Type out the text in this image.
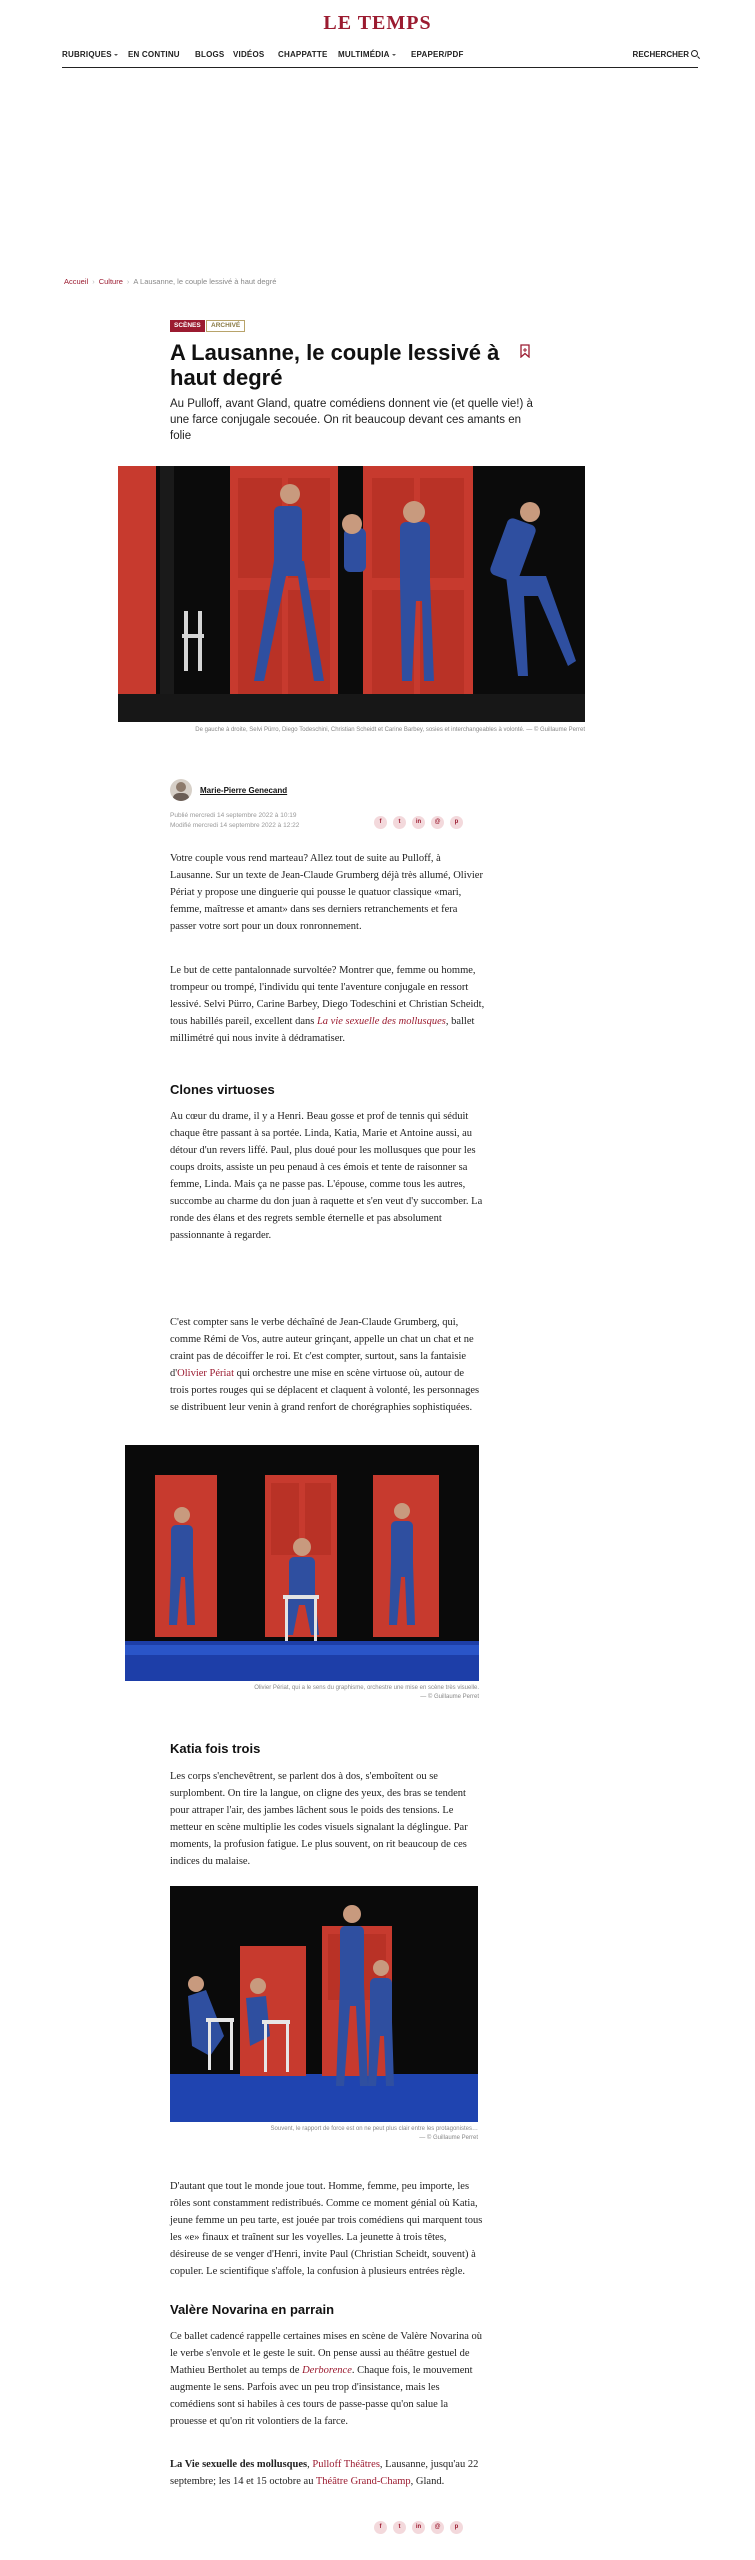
LE TEMPS
RUBRIQUES	EN CONTINU BLOGS VIDÉOS CHAPPATTE MULTIMÉDIA	EPAPER/PDF	RECHERCHER
Accueil › Culture › A Lausanne, le couple lessivé à haut degré
SCÈNES	ARCHIVÉ
A Lausanne, le couple lessivé à haut degré
Au Pulloff, avant Gland, quatre comédiens donnent vie (et quelle vie!) à une farce conjugale secouée. On rit beaucoup devant ces amants en folie
De gauche à droite, Selvi Pürro, Diego Todeschini, Christian Scheidt et Carine Barbey, sosies et interchangeables à volonté. — © Guillaume Perret
Marie-Pierre Genecand
Publié mercredi 14 septembre 2022 à 10:19
Modifié mercredi 14 septembre 2022 à 12:22	f	t	in	@	p
Votre couple vous rend marteau? Allez tout de suite au Pulloff, à Lausanne. Sur un texte de Jean-Claude Grumberg déjà très allumé, Olivier Périat y propose une dinguerie qui pousse le quatuor classique «mari, femme, maîtresse et amant» dans ses derniers retranchements et fera passer votre sort pour un doux ronronnement.
Le but de cette pantalonnade survoltée? Montrer que, femme ou homme, trompeur ou trompé, l'individu qui tente l'aventure conjugale en ressort lessivé. Selvi Pürro, Carine Barbey, Diego Todeschini et Christian Scheidt, tous habillés pareil, excellent dans La vie sexuelle des mollusques, ballet millimétré qui nous invite à dédramatiser.
Clones virtuoses
Au cœur du drame, il y a Henri. Beau gosse et prof de tennis qui séduit chaque être passant à sa portée. Linda, Katia, Marie et Antoine aussi, au détour d'un revers liffé. Paul, plus doué pour les mollusques que pour les coups droits, assiste un peu penaud à ces émois et tente de raisonner sa femme, Linda. Mais ça ne passe pas. L'épouse, comme tous les autres, succombe au charme du don juan à raquette et s'en veut d'y succomber. La ronde des élans et des regrets semble éternelle et pas absolument passionnante à regarder.
C'est compter sans le verbe déchaîné de Jean-Claude Grumberg, qui, comme Rémi de Vos, autre auteur grinçant, appelle un chat un chat et ne craint pas de décoiffer le roi. Et c'est compter, surtout, sans la fantaisie d'Olivier Périat qui orchestre une mise en scène virtuose où, autour de trois portes rouges qui se déplacent et claquent à volonté, les personnages se distribuent leur venin à grand renfort de chorégraphies sophistiquées.
Olivier Périat, qui a le sens du graphisme, orchestre une mise en scène très visuelle.
— © Guillaume Perret
Katia fois trois
Les corps s'enchevêtrent, se parlent dos à dos, s'emboîtent ou se surplombent. On tire la langue, on cligne des yeux, des bras se tendent pour attraper l'air, des jambes lâchent sous le poids des tensions. Le metteur en scène multiplie les codes visuels signalant la déglingue. Par moments, la profusion fatigue. Le plus souvent, on rit beaucoup de ces indices du malaise.
Souvent, le rapport de force est on ne peut plus clair entre les protagonistes…
— © Guillaume Perret
D'autant que tout le monde joue tout. Homme, femme, peu importe, les rôles sont constamment redistribués. Comme ce moment génial où Katia, jeune femme un peu tarte, est jouée par trois comédiens qui marquent tous les «e» finaux et traînent sur les voyelles. La jeunette à trois têtes, désireuse de se venger d'Henri, invite Paul (Christian Scheidt, souvent) à copuler. Le scientifique s'affole, la confusion à plusieurs entrées règle.
Valère Novarina en parrain
Ce ballet cadencé rappelle certaines mises en scène de Valère Novarina où le verbe s'envole et le geste le suit. On pense aussi au théâtre gestuel de Mathieu Bertholet au temps de Derborence. Chaque fois, le mouvement augmente le sens. Parfois avec un peu trop d'insistance, mais les comédiens sont si habiles à ces tours de passe-passe qu'on salue la prouesse et qu'on rit volontiers de la farce.
La Vie sexuelle des mollusques, Pulloff Théâtres, Lausanne, jusqu'au 22 septembre; les 14 et 15 octobre au Théâtre Grand-Champ, Gland.
f	t	in	@	p
